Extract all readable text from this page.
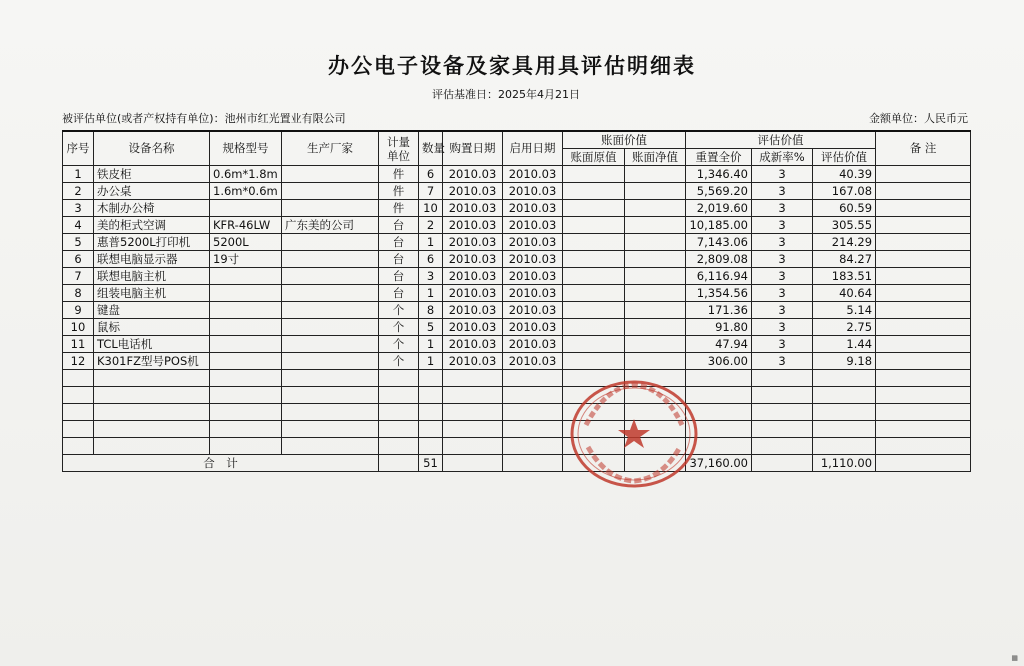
办公电子设备及家具用具评估明细表
评估基准日：2025年4月21日
被评估单位(或者产权持有单位)：池州市红光置业有限公司	金额单位：人民币元
序号	设备名称	规格型号	生产厂家	计量单位	数量	购置日期	启用日期	账面价值		评估价值			备 注
								账面原值	账面净值	重置全价	成新率%	评估价值	
1	铁皮柜	0.6m*1.8m		件	6	2010.03	2010.03			1,346.40	3	40.39	
2	办公桌	1.6m*0.6m		件	7	2010.03	2010.03			5,569.20	3	167.08	
3	木制办公椅			件	10	2010.03	2010.03			2,019.60	3	60.59	
4	美的柜式空调	KFR-46LW	广东美的公司	台	2	2010.03	2010.03			10,185.00	3	305.55	
5	惠普5200L打印机	5200L		台	1	2010.03	2010.03			7,143.06	3	214.29	
6	联想电脑显示器	19寸		台	6	2010.03	2010.03			2,809.08	3	84.27	
7	联想电脑主机			台	3	2010.03	2010.03			6,116.94	3	183.51	
8	组装电脑主机			台	1	2010.03	2010.03			1,354.56	3	40.64	
9	键盘			个	8	2010.03	2010.03			171.36	3	5.14	
10	鼠标			个	5	2010.03	2010.03			91.80	3	2.75	
11	TCL电话机			个	1	2010.03	2010.03			47.94	3	1.44	
12	K301FZ型号POS机			个	1	2010.03	2010.03			306.00	3	9.18	

合　计					51					37,160.00		1,110.00	
▦
